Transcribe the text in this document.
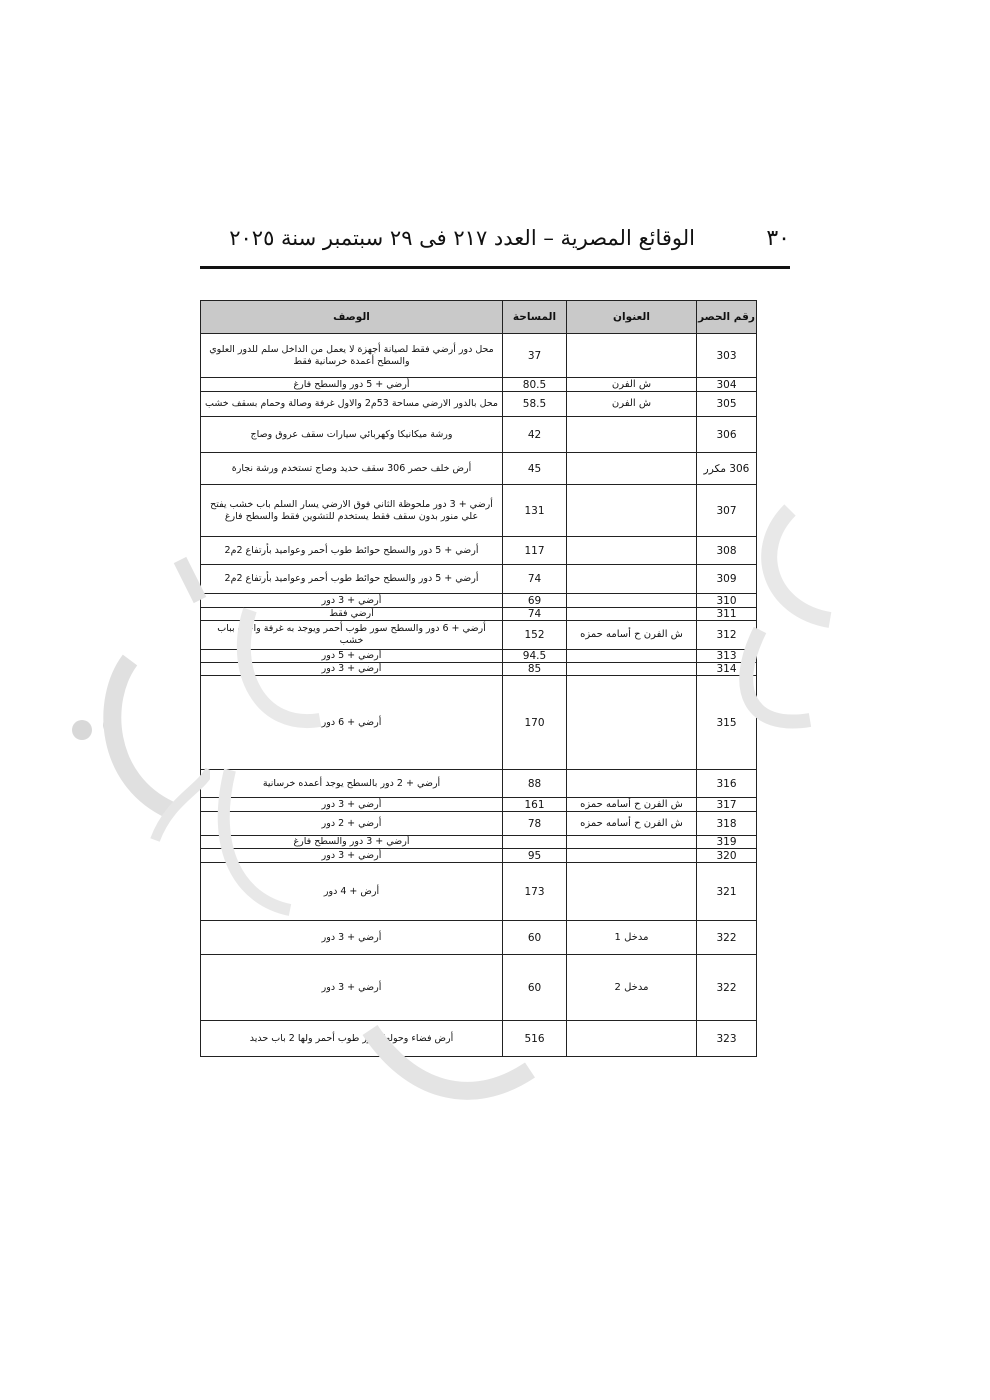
٣٠
الوقائع المصرية – العدد ٢١٧ فى ٢٩ سبتمبر سنة ٢٠٢٥
رقم الحصر	العنوان	المساحة	الوصف
303		37	محل دور أرضي فقط لصيانة أجهزة لا يعمل من الداخل سلم للدور العلوي والسطح أعمدة خرسانية فقط
304	ش الفرن	80.5	أرضي + 5 دور والسطح فارغ
305	ش الفرن	58.5	محل بالدور الارضي مساحة 53م2 والاول غرفة وصالة وحمام بسقف خشب
306		42	ورشة ميكانيكا وكهربائي سيارات سقف عروق وصاج
306 مكرر		45	أرض خلف حصر 306 سقف حديد وصاج تستخدم ورشة نجارة
307		131	أرضي + 3 دور ملحوظة الثاني فوق الارضي يسار السلم باب خشب يفتح علي منور بدون سقف فقط يستخدم للتشوين فقط والسطح فارغ
308		117	أرضي + 5 دور والسطح حوائط طوب أحمر وعواميد بأرتفاع 2م2
309		74	أرضي + 5 دور والسطح حوائط طوب أحمر وعواميد بأرتفاع 2م2
310		69	أرضي + 3 دور
311		74	أرضي فقط
312	ش الفرن ح أسامه حمزه	152	أرضي + 6 دور والسطح سور طوب أحمر ويوجد به غرفة واحده بباب خشب
313		94.5	أرضي + 5 دور
314		85	أرضي + 3 دور
315		170	أرضي + 6 دور
316		88	أرضي + 2 دور بالسطح يوجد أعمده خرسانية
317	ش الفرن ح أسامه حمزه	161	أرضي + 3 دور
318	ش الفرن ح أسامه حمزه	78	أرضي + 2 دور
319			أرضي + 3 دور والسطح فارغ
320		95	أرضي + 3 دور
321		173	أرض + 4 دور
322	مدخل 1	60	أرضي + 3 دور
322	مدخل 2	60	أرضي + 3 دور
323		516	أرض فضاء وحولها سور طوب أحمر ولها 2 باب حديد
